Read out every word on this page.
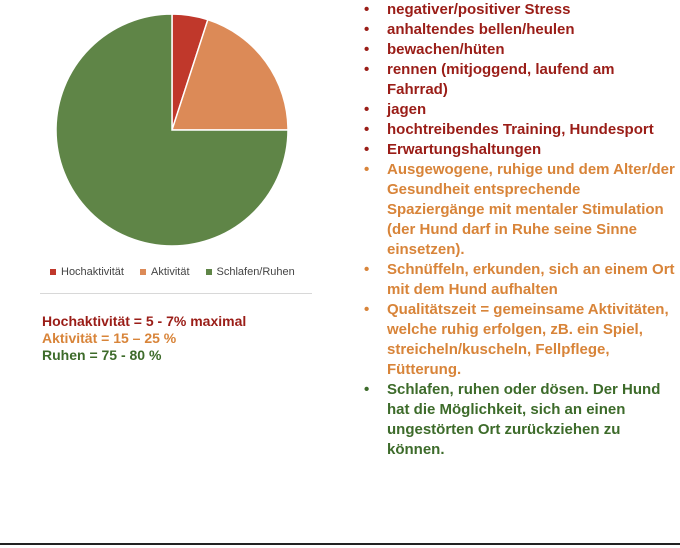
Hochaktivität Aktivität Schlafen/Ruhen
Hochaktivität = 5 - 7% maximal
Aktivität = 15 – 25 %
Ruhen = 75 - 80 %
• negativer/positiver Stress
• anhaltendes bellen/heulen
• bewachen/hüten
• rennen (mitjoggend, laufend am Fahrrad)
• jagen
• hochtreibendes Training, Hundesport
• Erwartungshaltungen
• Ausgewogene, ruhige und dem Alter/der Gesundheit entsprechende Spaziergänge mit mentaler Stimulation (der Hund darf in Ruhe seine Sinne einsetzen).
• Schnüffeln, erkunden, sich an einem Ort mit dem Hund aufhalten
• Qualitätszeit = gemeinsame Aktivitäten, welche ruhig erfolgen, zB. ein Spiel, streicheln/kuscheln, Fellpflege, Fütterung.
• Schlafen, ruhen oder dösen. Der Hund hat die Möglichkeit, sich an einen ungestörten Ort zurückziehen zu können.
